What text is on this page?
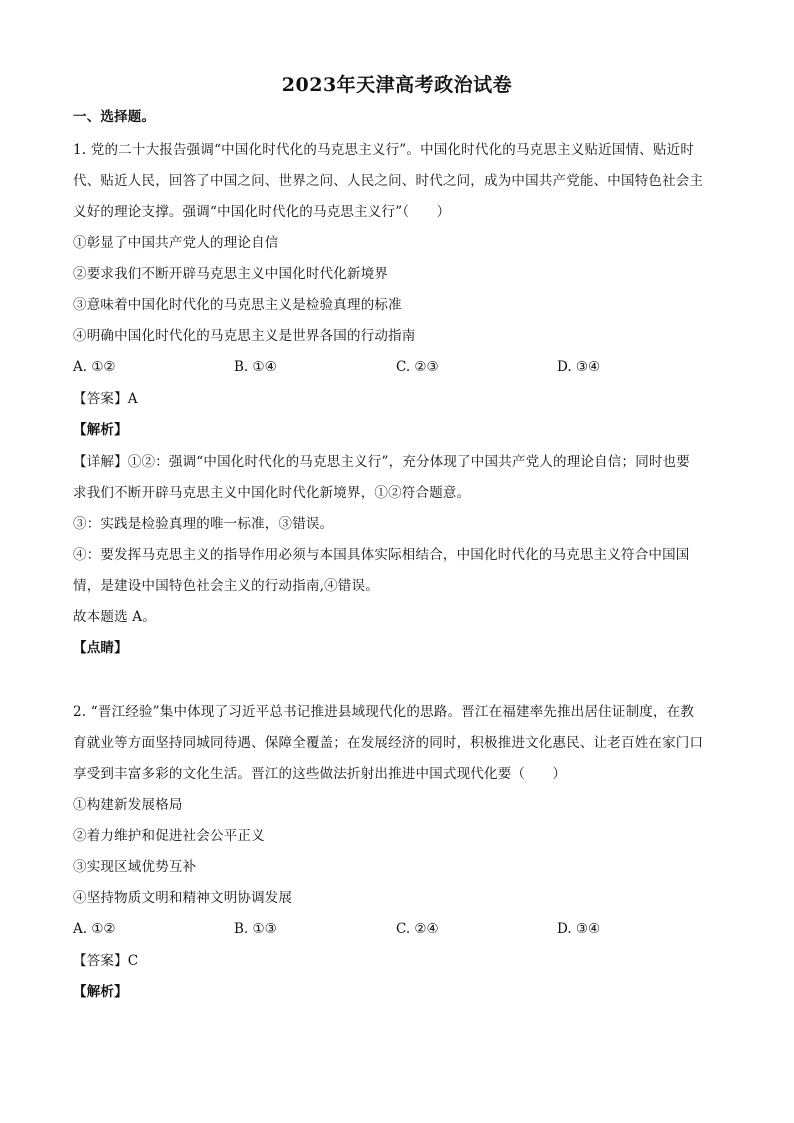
2023年天津高考政治试卷
一、选择题。
1. 党的二十大报告强调“中国化时代化的马克思主义行”。中国化时代化的马克思主义贴近国情、贴近时
代、贴近人民，回答了中国之问、世界之问、人民之问、时代之问，成为中国共产党能、中国特色社会主
义好的理论支撑。强调“中国化时代化的马克思主义行”（　　）
①彰显了中国共产党人的理论自信
②要求我们不断开辟马克思主义中国化时代化新境界
③意味着中国化时代化的马克思主义是检验真理的标准
④明确中国化时代化的马克思主义是世界各国的行动指南
A. ①②	B. ①④	C. ②③	D. ③④
【答案】A
【解析】
【详解】①②：强调“中国化时代化的马克思主义行”，充分体现了中国共产党人的理论自信；同时也要
求我们不断开辟马克思主义中国化时代化新境界，①②符合题意。
③：实践是检验真理的唯一标准，③错误。
④：要发挥马克思主义的指导作用必须与本国具体实际相结合，中国化时代化的马克思主义符合中国国
情，是建设中国特色社会主义的行动指南,④错误。
故本题选 A。
【点睛】
2. “晋江经验”集中体现了习近平总书记推进县域现代化的思路。晋江在福建率先推出居住证制度，在教
育就业等方面坚持同城同待遇、保障全覆盖；在发展经济的同时，积极推进文化惠民、让老百姓在家门口
享受到丰富多彩的文化生活。晋江的这些做法折射出推进中国式现代化要（　　）
①构建新发展格局
②着力维护和促进社会公平正义
③实现区域优势互补
④坚持物质文明和精神文明协调发展
A. ①②	B. ①③	C. ②④	D. ③④
【答案】C
【解析】
